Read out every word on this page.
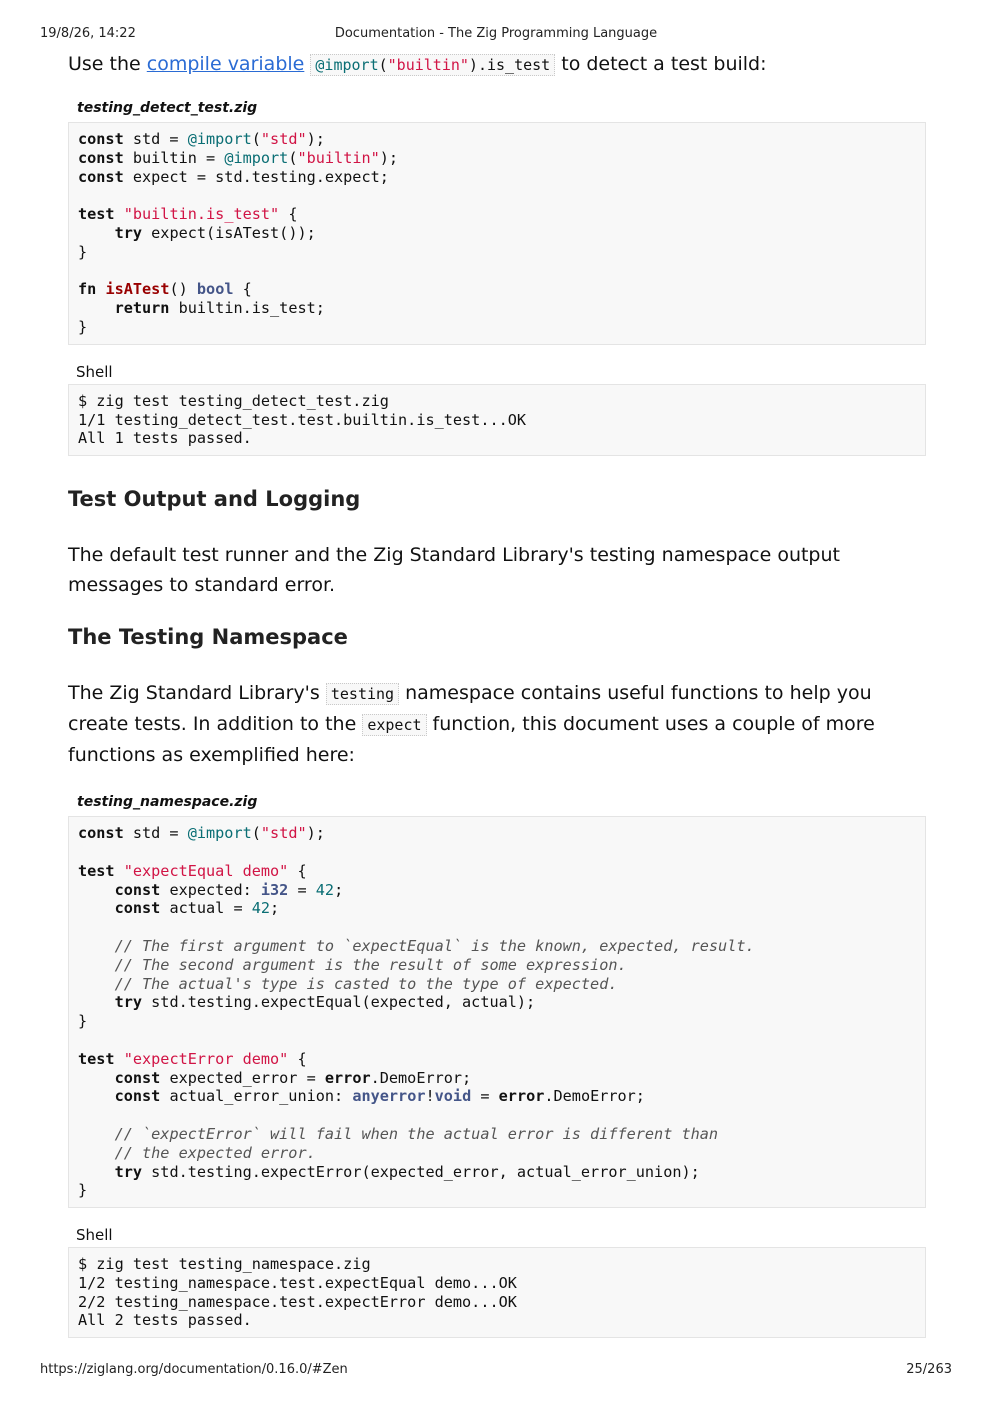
19/8/26, 14:22	Documentation - The Zig Programming Language

Use the compile variable @import("builtin").is_test to detect a test build:

testing_detect_test.zig
const std = @import("std");
const builtin = @import("builtin");
const expect = std.testing.expect;

test "builtin.is_test" {
try expect(isATest());
}

fn isATest() bool {
return builtin.is_test;
}
Shell
$ zig test testing_detect_test.zig
1/1 testing_detect_test.test.builtin.is_test...OK
All 1 tests passed.
Test Output and Logging

The default test runner and the Zig Standard Library's testing namespace output messages to standard error.

The Testing Namespace

The Zig Standard Library's testing namespace contains useful functions to help you create tests. In addition to the expect function, this document uses a couple of more functions as exemplified here:

testing_namespace.zig
const std = @import("std");

test "expectEqual demo" {
const expected: i32 = 42;
const actual = 42;

// The first argument to `expectEqual` is the known, expected, result.
// The second argument is the result of some expression.
// The actual's type is casted to the type of expected.
try std.testing.expectEqual(expected, actual);
}

test "expectError demo" {
const expected_error = error.DemoError;
const actual_error_union: anyerror!void = error.DemoError;

// `expectError` will fail when the actual error is different than
// the expected error.
try std.testing.expectError(expected_error, actual_error_union);
}
Shell
$ zig test testing_namespace.zig
1/2 testing_namespace.test.expectEqual demo...OK
2/2 testing_namespace.test.expectError demo...OK
All 2 tests passed.
https://ziglang.org/documentation/0.16.0/#Zen	25/263
